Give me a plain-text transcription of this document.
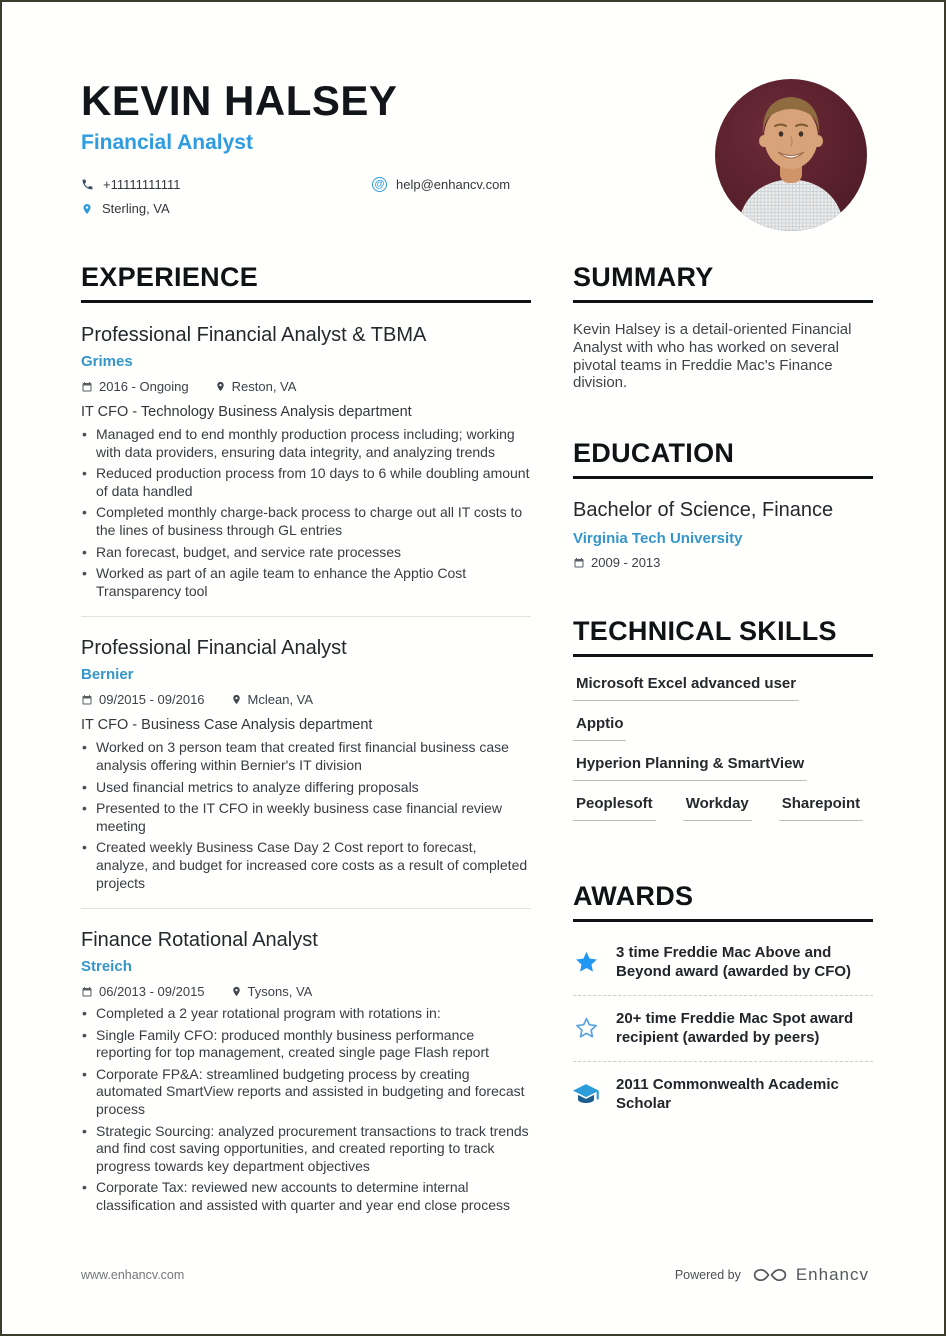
KEVIN HALSEY
Financial Analyst
+11111111111	@ help@enhancv.com
Sterling, VA
EXPERIENCE
Professional Financial Analyst & TBMA
Grimes
2016 - Ongoing	Reston, VA
IT CFO - Technology Business Analysis department
• Managed end to end monthly production process including; working with data providers, ensuring data integrity, and analyzing trends
• Reduced production process from 10 days to 6 while doubling amount of data handled
• Completed monthly charge-back process to charge out all IT costs to the lines of business through GL entries
• Ran forecast, budget, and service rate processes
• Worked as part of an agile team to enhance the Apptio Cost Transparency tool
Professional Financial Analyst
Bernier
09/2015 - 09/2016	Mclean, VA
IT CFO - Business Case Analysis department
• Worked on 3 person team that created first financial business case analysis offering within Bernier's IT division
• Used financial metrics to analyze differing proposals
• Presented to the IT CFO in weekly business case financial review meeting
• Created weekly Business Case Day 2 Cost report to forecast, analyze, and budget for increased core costs as a result of completed projects
Finance Rotational Analyst
Streich
06/2013 - 09/2015	Tysons, VA
• Completed a 2 year rotational program with rotations in:
• Single Family CFO: produced monthly business performance reporting for top management, created single page Flash report
• Corporate FP&A: streamlined budgeting process by creating automated SmartView reports and assisted in budgeting and forecast process
• Strategic Sourcing: analyzed procurement transactions to track trends and find cost saving opportunities, and created reporting to track progress towards key department objectives
• Corporate Tax: reviewed new accounts to determine internal classification and assisted with quarter and year end close process
SUMMARY
Kevin Halsey is a detail-oriented Financial Analyst with who has worked on several pivotal teams in Freddie Mac's Finance division.
EDUCATION
Bachelor of Science, Finance
Virginia Tech University
2009 - 2013
TECHNICAL SKILLS
Microsoft Excel advanced user
Apptio
Hyperion Planning & SmartView
Peoplesoft Workday Sharepoint
AWARDS
3 time Freddie Mac Above and Beyond award (awarded by CFO)
20+ time Freddie Mac Spot award recipient (awarded by peers)
2011 Commonwealth Academic Scholar
www.enhancv.com	Powered by	Enhancv
